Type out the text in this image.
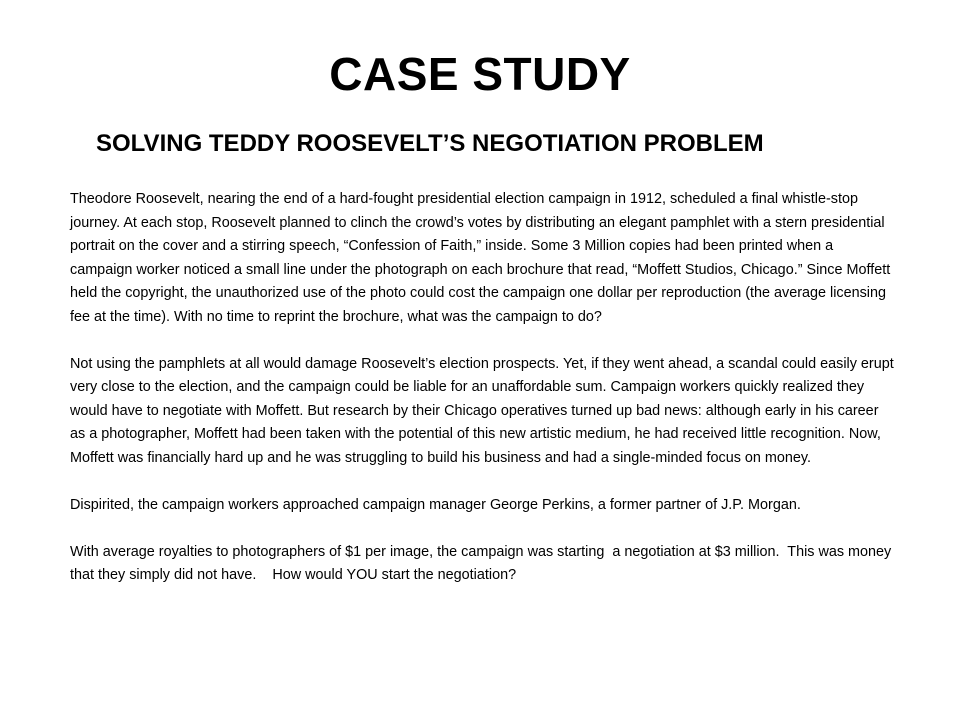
CASE STUDY
SOLVING TEDDY ROOSEVELT’S NEGOTIATION PROBLEM

Theodore Roosevelt, nearing the end of a hard-fought presidential election campaign in 1912, scheduled a final whistle-stop journey. At each stop, Roosevelt planned to clinch the crowd’s votes by distributing an elegant pamphlet with a stern presidential portrait on the cover and a stirring speech, “Confession of Faith,” inside. Some 3 Million copies had been printed when a campaign worker noticed a small line under the photograph on each brochure that read, “Moffett Studios, Chicago.” Since Moffett held the copyright, the unauthorized use of the photo could cost the campaign one dollar per reproduction (the average licensing fee at the time). With no time to reprint the brochure, what was the campaign to do?

Not using the pamphlets at all would damage Roosevelt’s election prospects. Yet, if they went ahead, a scandal could easily erupt very close to the election, and the campaign could be liable for an unaffordable sum. Campaign workers quickly realized they would have to negotiate with Moffett. But research by their Chicago operatives turned up bad news: although early in his career as a photographer, Moffett had been taken with the potential of this new artistic medium, he had received little recognition. Now, Moffett was financially hard up and he was struggling to build his business and had a single-minded focus on money.

Dispirited, the campaign workers approached campaign manager George Perkins, a former partner of J.P. Morgan.

With average royalties to photographers of $1 per image, the campaign was starting  a negotiation at $3 million.  This was money that they simply did not have.    How would YOU start the negotiation?
